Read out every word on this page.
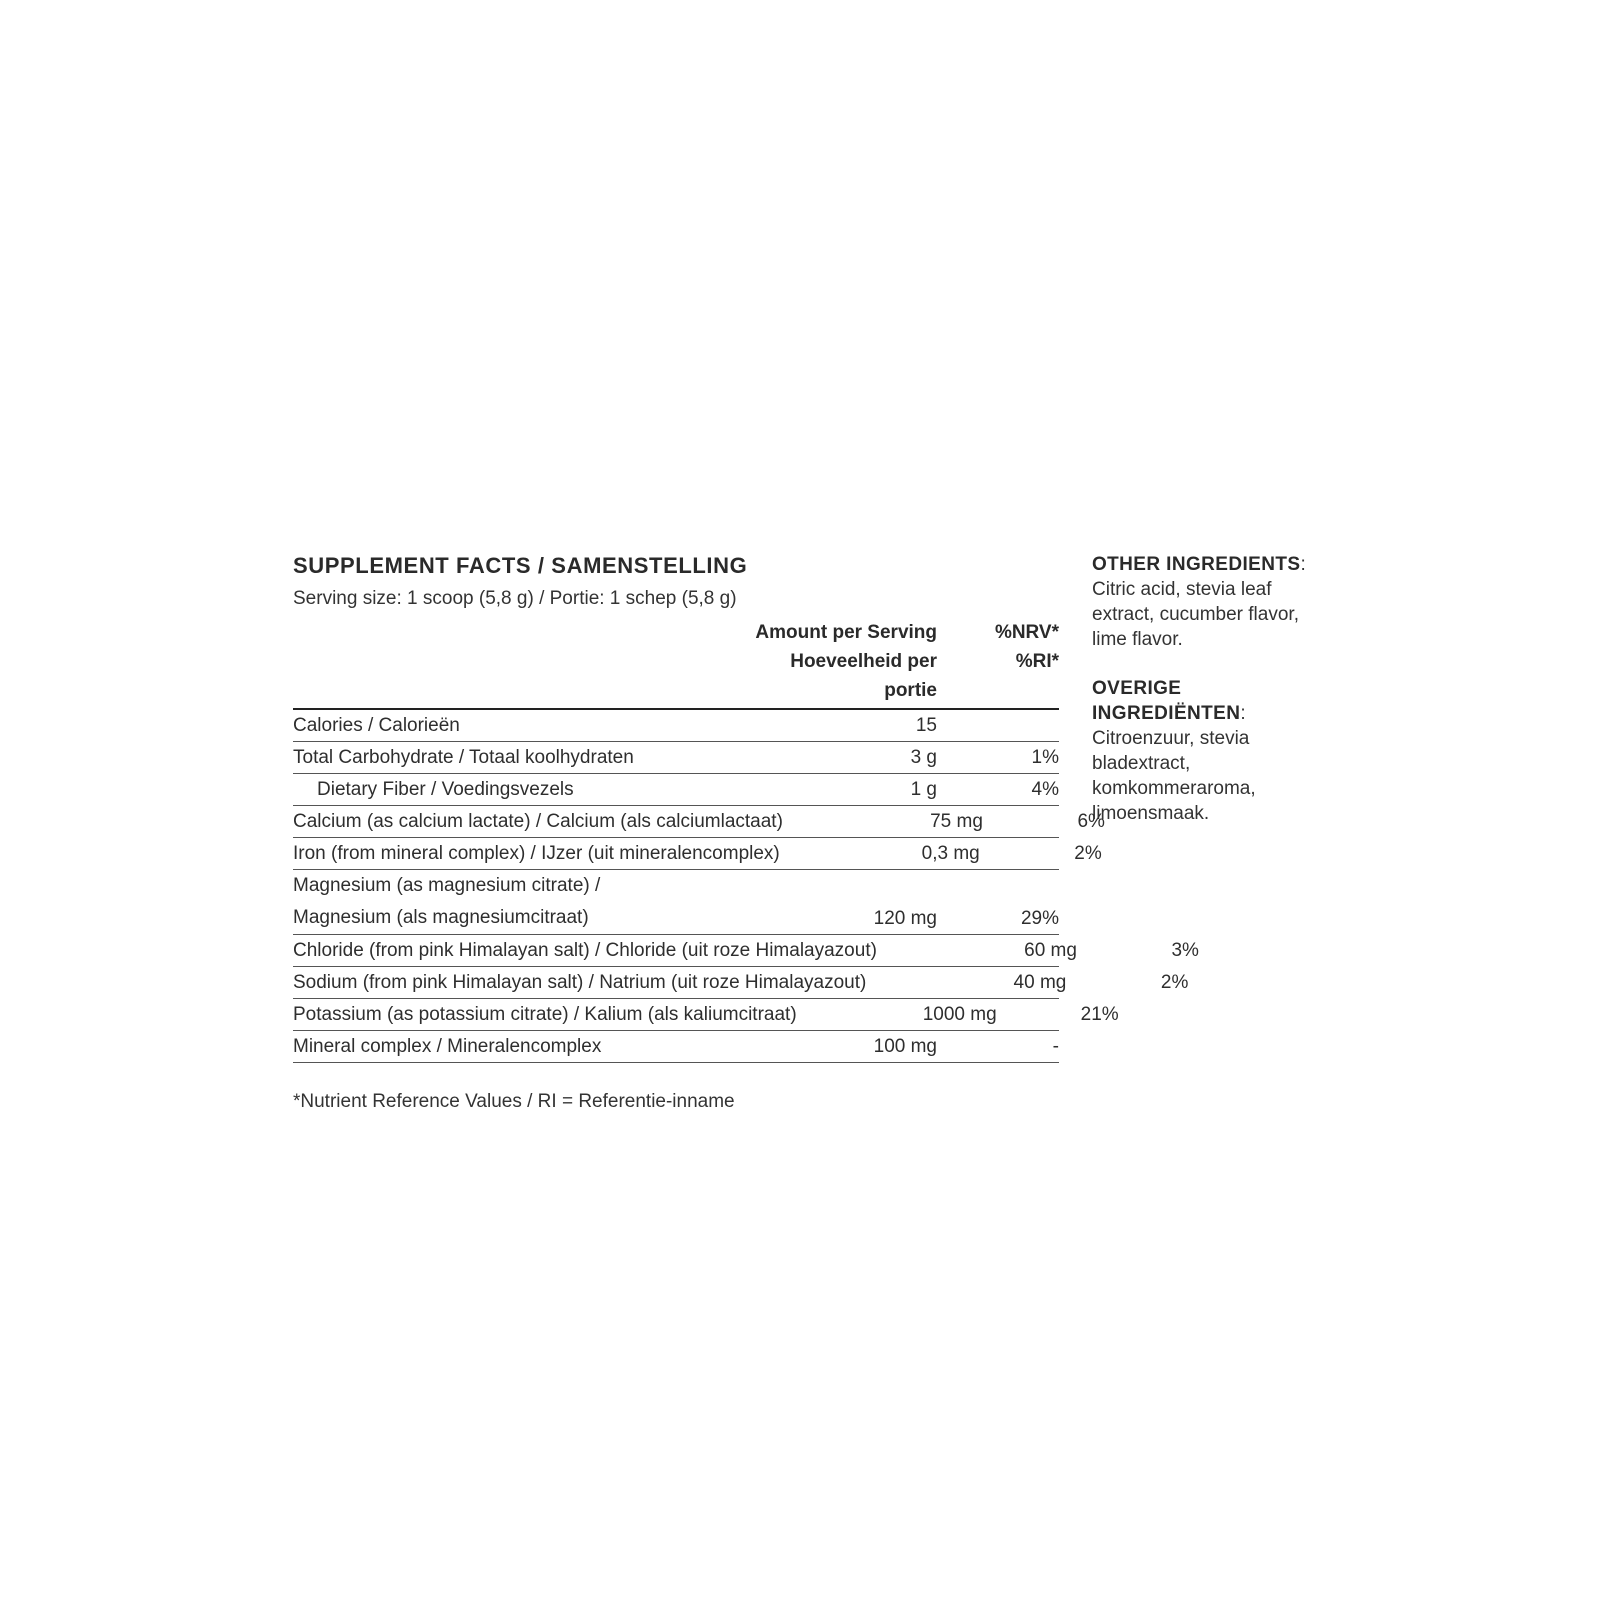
SUPPLEMENT FACTS / SAMENSTELLING
Serving size: 1 scoop (5,8 g) / Portie: 1 schep (5,8 g)
Amount per Serving	%NRV*
Hoeveelheid per portie
%RI*
Calories / Calorieën	15
Total Carbohydrate / Totaal koolhydraten	3 g	1%
Dietary Fiber / Voedingsvezels	1 g	4%
Calcium (as calcium lactate) / Calcium (als calciumlactaat)	75 mg	6%
Iron (from mineral complex) / IJzer (uit mineralencomplex)	0,3 mg	2%
Magnesium (as magnesium citrate) /
Magnesium (als magnesiumcitraat)	120 mg	29%
Chloride (from pink Himalayan salt) / Chloride (uit roze Himalayazout)	60 mg	3%
Sodium (from pink Himalayan salt) / Natrium (uit roze Himalayazout)	40 mg	2%
Potassium (as potassium citrate) / Kalium (als kaliumcitraat)	1000 mg	21%
Mineral complex / Mineralencomplex	100 mg	-
*Nutrient Reference Values / RI = Referentie-inname

OTHER INGREDIENTS: Citric acid, stevia leaf extract, cucumber flavor, lime flavor.

OVERIGE INGREDIËNTEN: Citroenzuur, stevia bladextract, komkommeraroma, limoensmaak.
